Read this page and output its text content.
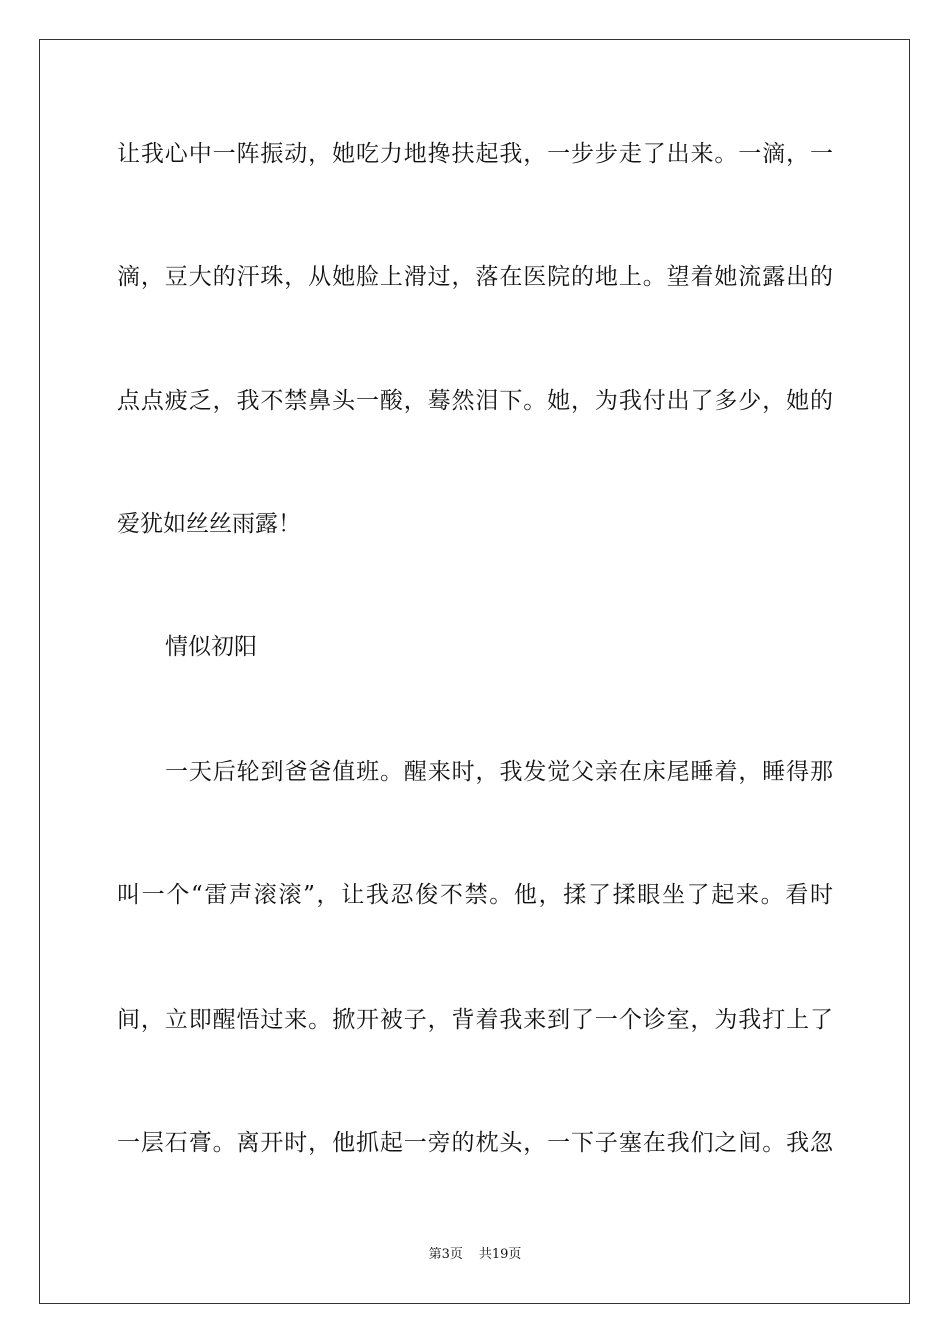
让我心中一阵振动，她吃力地搀扶起我，一步步走了出来。一滴，一
滴，豆大的汗珠，从她脸上滑过，落在医院的地上。望着她流露出的
点点疲乏，我不禁鼻头一酸，蓦然泪下。她，为我付出了多少，她的
爱犹如丝丝雨露！
情似初阳
一天后轮到爸爸值班。醒来时，我发觉父亲在床尾睡着，睡得那
叫一个“雷声滚滚”，让我忍俊不禁。他，揉了揉眼坐了起来。看时
间，立即醒悟过来。掀开被子，背着我来到了一个诊室，为我打上了
一层石膏。离开时，他抓起一旁的枕头，一下子塞在我们之间。我忽
第3页 共19页
